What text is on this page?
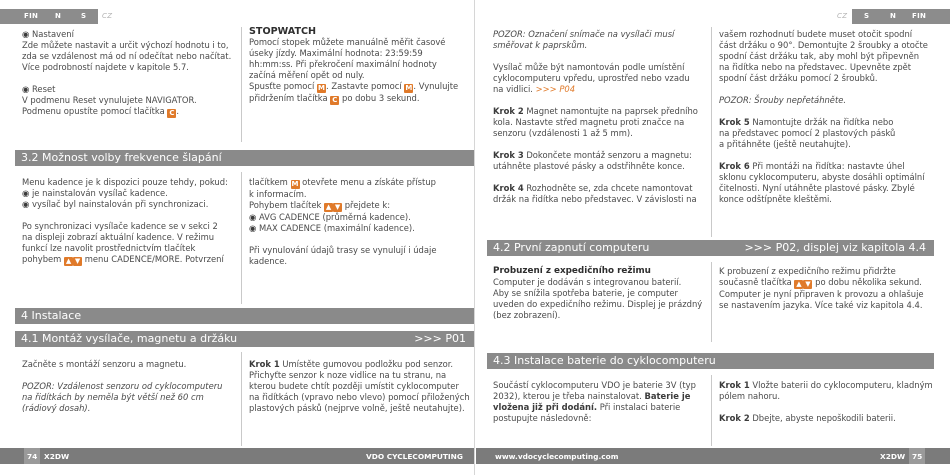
FIN N	S CZ	CZ S	N FIN
◉ Nastavení
Zde můžete nastavit a určit výchozí hodnotu i to,
zda se vzdálenost má od ní odečítat nebo načítat.
Více podrobností najdete v kapitole 5.7.
◉ Reset
V podmenu Reset vynulujete NAVIGATOR.
Podmenu opustíte pomocí tlačítka C .
STOPWATCH
Pomocí stopek můžete manuálně měřit časové
úseky jízdy. Maximální hodnota: 23:59:59
hh:mm:ss. Při překročení maximální hodnoty
začíná měření opět od nuly.
Spusťte pomocí M. Zastavte pomocí M. Vynulujte
přidržením tlačítka C po dobu 3 sekund.
3.2 Možnost volby frekvence šlapání
Menu kadence je k dispozici pouze tehdy, pokud:
◉ je nainstalován vysílač kadence.
◉ vysílač byl nainstalován při synchronizaci.
Po synchronizaci vysílače kadence se v sekci 2
na displeji zobrazí aktuální kadence. V režimu
funkcí lze navolit prostřednictvím tlačítek
pohybem ▲ ▼ menu CADENCE/MORE. Potvrzení
tlačítkem M otevřete menu a získáte přístup
k informacím.
Pohybem tlačítek ▲ ▼ přejdete k:
◉ AVG CADENCE (průměrná kadence).
◉ MAX CADENCE (maximální kadence).
Při vynulování údajů trasy se vynulují i údaje
kadence.
4 Instalace
4.1 Montáž vysílače, magnetu a držáku	>>> P01
Začněte s montáží senzoru a magnetu.
POZOR: Vzdálenost senzoru od cyklocomputeru
na řidítkách by neměla být větší než 60 cm
(rádiový dosah).
Krok 1 Umístěte gumovou podložku pod senzor.
Přichyťte senzor k noze vidlice na tu stranu, na
kterou budete chtít později umístit cyklocomputer
na řidítkách (vpravo nebo vlevo) pomocí přiložených
plastových pásků (nejprve volně, ještě neutahujte).
POZOR: Označení snímače na vysílači musí
směřovat k paprskům.
Vysílač může být namontován podle umístění
cyklocomputeru vpředu, uprostřed nebo vzadu
na vidlici. >>> P04
Krok 2 Magnet namontujte na paprsek předního
kola. Nastavte střed magnetu proti značce na
senzoru (vzdálenosti 1 až 5 mm).
Krok 3 Dokončete montáž senzoru a magnetu:
utáhněte plastové pásky a odstřihněte konce.
Krok 4 Rozhodněte se, zda chcete namontovat
držák na řidítka nebo představec. V závislosti na
vašem rozhodnutí budete muset otočit spodní
část držáku o 90°. Demontujte 2 šroubky a otočte
spodní část držáku tak, aby mohl být připevněn
na řidítka nebo na představec. Upevněte zpět
spodní část držáku pomocí 2 šroubků.
POZOR: Šrouby nepřetáhněte.
Krok 5 Namontujte držák na řidítka nebo
na představec pomocí 2 plastových pásků
a přitáhněte (ještě neutahujte).
Krok 6 Při montáži na řidítka: nastavte úhel
sklonu cyklocomputeru, abyste dosáhli optimální
čitelnosti. Nyní utáhněte plastové pásky. Zbylé
konce odštípněte kleštěmi.
4.2 První zapnutí computeru	>>> P02, displej viz kapitola 4.4
Probuzení z expedičního režimu
Computer je dodáván s integrovanou baterií.
Aby se snížila spotřeba baterie, je computer
uveden do expedičního režimu. Displej je prázdný
(bez zobrazení).
K probuzení z expedičního režimu přidržte
současně tlačítka ▲ ▼ po dobu několika sekund.
Computer je nyní připraven k provozu a ohlašuje
se nastavením jazyka. Více také viz kapitola 4.4.
4.3 Instalace baterie do cyklocomputeru
Součástí cyklocomputeru VDO je baterie 3V (typ
2032), kterou je třeba nainstalovat. Baterie je
vložena již při dodání. Při instalaci baterie
postupujte následovně:
Krok 1 Vložte baterii do cyklocomputeru, kladným
pólem nahoru.
Krok 2 Dbejte, abyste nepoškodili baterii.
74 X2DW	VDO CYCLECOMPUTING	www.vdocyclecomputing.com	X2DW 75
